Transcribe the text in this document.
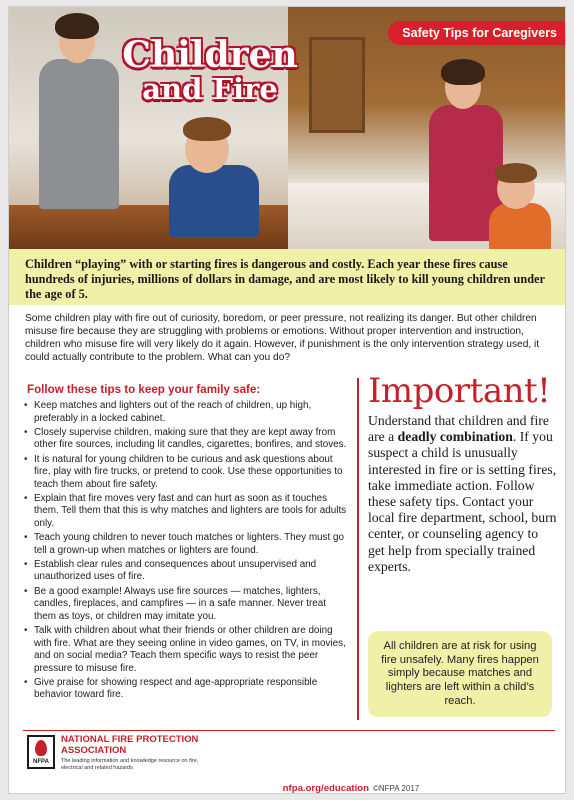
Safety Tips for Caregivers
Children
and Fire
Children “playing” with or starting fires is dangerous and costly. Each year these fires cause hundreds of injuries, millions of dollars in damage, and are most likely to kill young children under the age of 5.
Some children play with fire out of curiosity, boredom, or peer pressure, not realizing its danger. But other children misuse fire because they are struggling with problems or emotions. Without proper intervention and instruction, children who misuse fire will very likely do it again. However, if punishment is the only intervention strategy used, it could actually contribute to the problem. What can you do?
Follow these tips to keep your family safe:
• Keep matches and lighters out of the reach of children, up high, preferably in a locked cabinet.
• Closely supervise children, making sure that they are kept away from other fire sources, including lit candles, cigarettes, bonfires, and stoves.
• It is natural for young children to be curious and ask questions about fire, play with fire trucks, or pretend to cook. Use these opportunities to teach them about fire safety.
• Explain that fire moves very fast and can hurt as soon as it touches them. Tell them that this is why matches and lighters are tools for adults only.
• Teach young children to never touch matches or lighters. They must go tell a grown-up when matches or lighters are found.
• Establish clear rules and consequences about unsupervised and unauthorized uses of fire.
• Be a good example! Always use fire sources — matches, lighters, candles, fireplaces, and campfires — in a safe manner. Never treat them as toys, or children may imitate you.
• Talk with children about what their friends or other children are doing with fire. What are they seeing online in video games, on TV, in movies, and on social media? Teach them specific ways to resist the peer pressure to misuse fire.
• Give praise for showing respect and age-appropriate responsible behavior toward fire.
Important!
Understand that children and fire are a deadly combination. If you suspect a child is unusually interested in fire or is setting fires, take immediate action. Follow these safety tips. Contact your local fire department, school, burn center, or counseling agency to get help from specially trained experts.
All children are at risk for using fire unsafely. Many fires happen simply because matches and lighters are left within a child’s reach.
NFPA
NATIONAL FIRE PROTECTION ASSOCIATION
The leading information and knowledge resource on fire, electrical and related hazards
nfpa.org/education ©NFPA 2017
